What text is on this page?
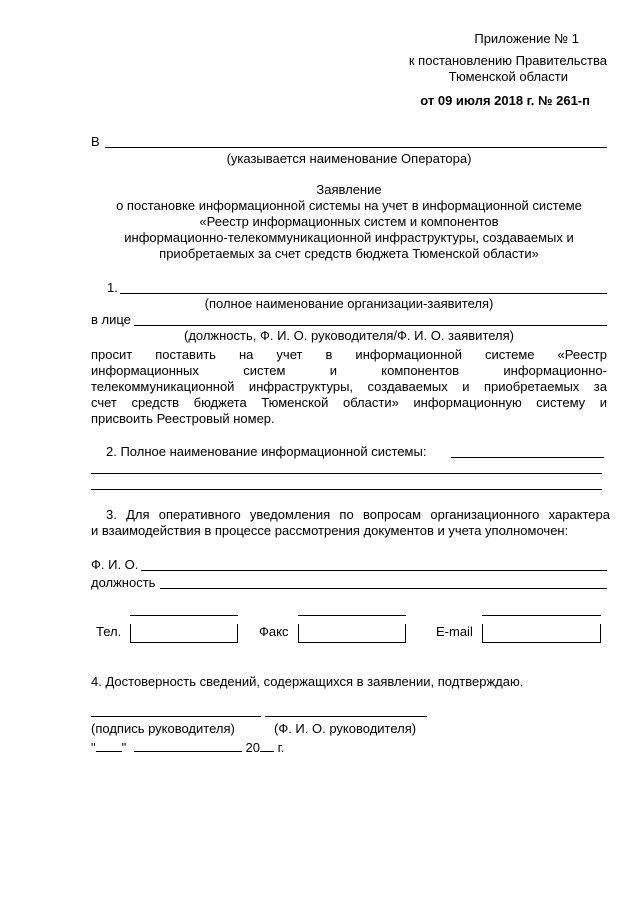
Приложение № 1
к постановлению Правительства
Тюменской области
от 09 июля 2018 г. № 261-п
В
(указывается наименование Оператора)
Заявление
о постановке информационной системы на учет в информационной системе
«Реестр информационных систем и компонентов
информационно-телекоммуникационной инфраструктуры, создаваемых и
приобретаемых за счет средств бюджета Тюменской области»
1.
(полное наименование организации-заявителя)
в лице
(должность, Ф. И. О. руководителя/Ф. И. О. заявителя)
просит поставить на учет в информационной системе «Реестр
информационных систем и компонентов информационно-
телекоммуникационной инфраструктуры, создаваемых и приобретаемых за
счет средств бюджета Тюменской области» информационную систему и
присвоить Реестровый номер.
2. Полное наименование информационной системы:
3. Для оперативного уведомления по вопросам организационного характера
и взаимодействия в процессе рассмотрения документов и учета уполномочен:
Ф. И. О.
должность
Тел.	Факс	E-mail
4. Достоверность сведений, содержащихся в заявлении, подтверждаю.
(подпись руководителя)	(Ф. И. О. руководителя)
" "	20 г.
